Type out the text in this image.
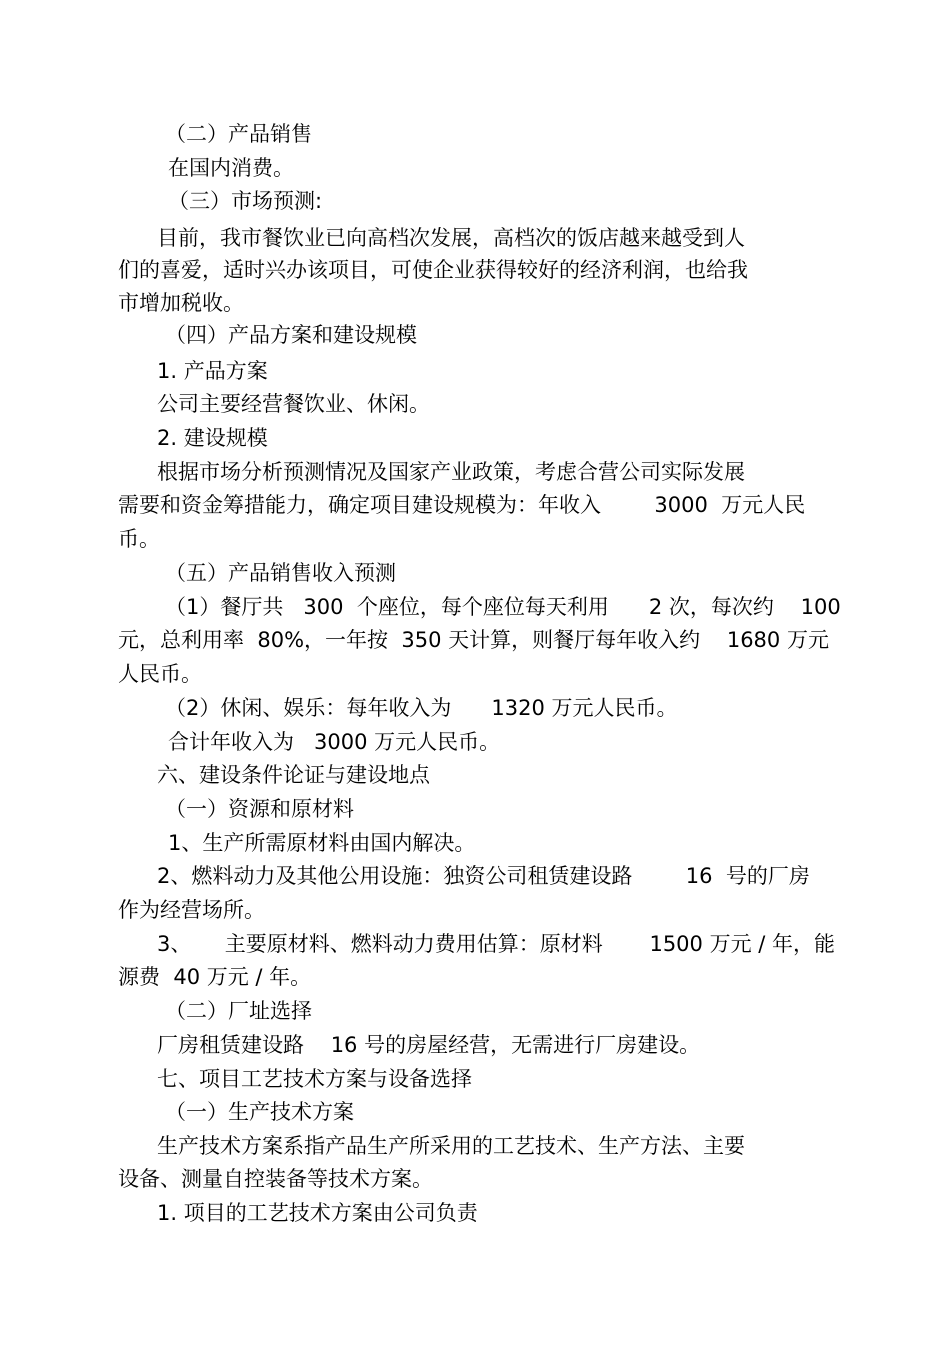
（二）产品销售
在国内消费。
（三）市场预测:
目前，我市餐饮业已向高档次发展，高档次的饭店越来越受到人
们的喜爱，适时兴办该项目，可使企业获得较好的经济利润，也给我
市增加税收。
（四）产品方案和建设规模
1. 产品方案
公司主要经营餐饮业、休闲。
2. 建设规模
根据市场分析预测情况及国家产业政策，考虑合营公司实际发展
需要和资金筹措能力，确定项目建设规模为：年收入        3000  万元人民
币。
（五）产品销售收入预测
（1）餐厅共   300  个座位，每个座位每天利用      2 次，每次约    100
元，总利用率  80%，一年按  350 天计算，则餐厅每年收入约    1680 万元
人民币。
（2）休闲、娱乐：每年收入为      1320 万元人民币。
合计年收入为   3000 万元人民币。
六、建设条件论证与建设地点
（一）资源和原材料
1、生产所需原材料由国内解决。
2、燃料动力及其他公用设施：独资公司租赁建设路        16  号的厂房
作为经营场所。
3、     主要原材料、燃料动力费用估算：原材料       1500 万元 / 年，能
源费  40 万元 / 年。
（二）厂址选择
厂房租赁建设路    16 号的房屋经营，无需进行厂房建设。
七、项目工艺技术方案与设备选择
（一）生产技术方案
生产技术方案系指产品生产所采用的工艺技术、生产方法、主要
设备、测量自控装备等技术方案。
1. 项目的工艺技术方案由公司负责
